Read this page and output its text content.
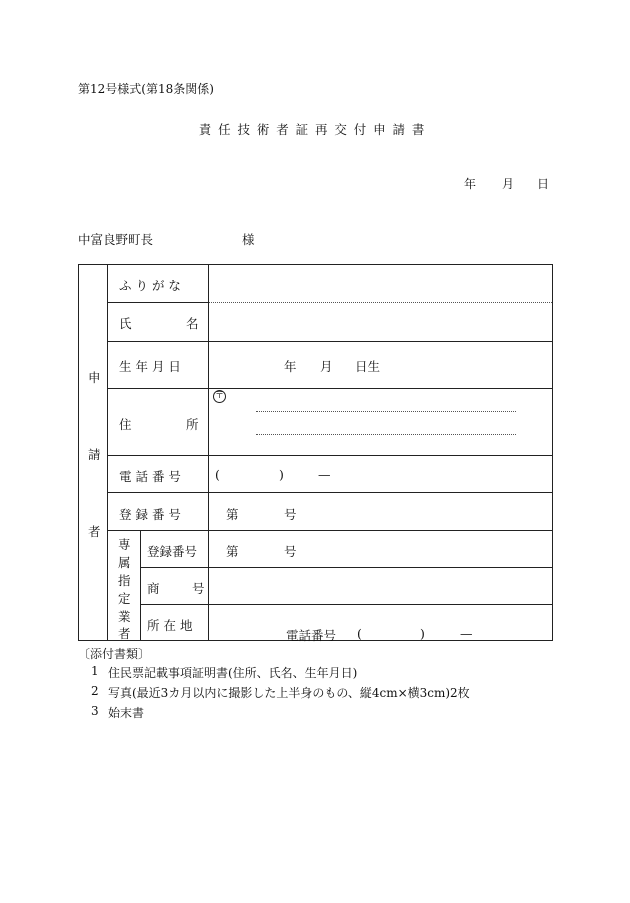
第12号様式(第18条関係)
責任技術者証再交付申請書
年 月 日
中富良野町長	様
申
請
者
ふ り が な
氏	名
生 年 月 日	年 月 日生
住	所
〒
電 話 番 号	(	)	—
登 録 番 号	第	号
専
属
指
定
業
者
登録番号 第	号
商	号
所 在 地
電話番号 (	)	—
〔添付書類〕
1 住民票記載事項証明書(住所、氏名、生年月日)
2 写真(最近3カ月以内に撮影した上半身のもの、縦4cm×横3cm)2枚
3 始末書
